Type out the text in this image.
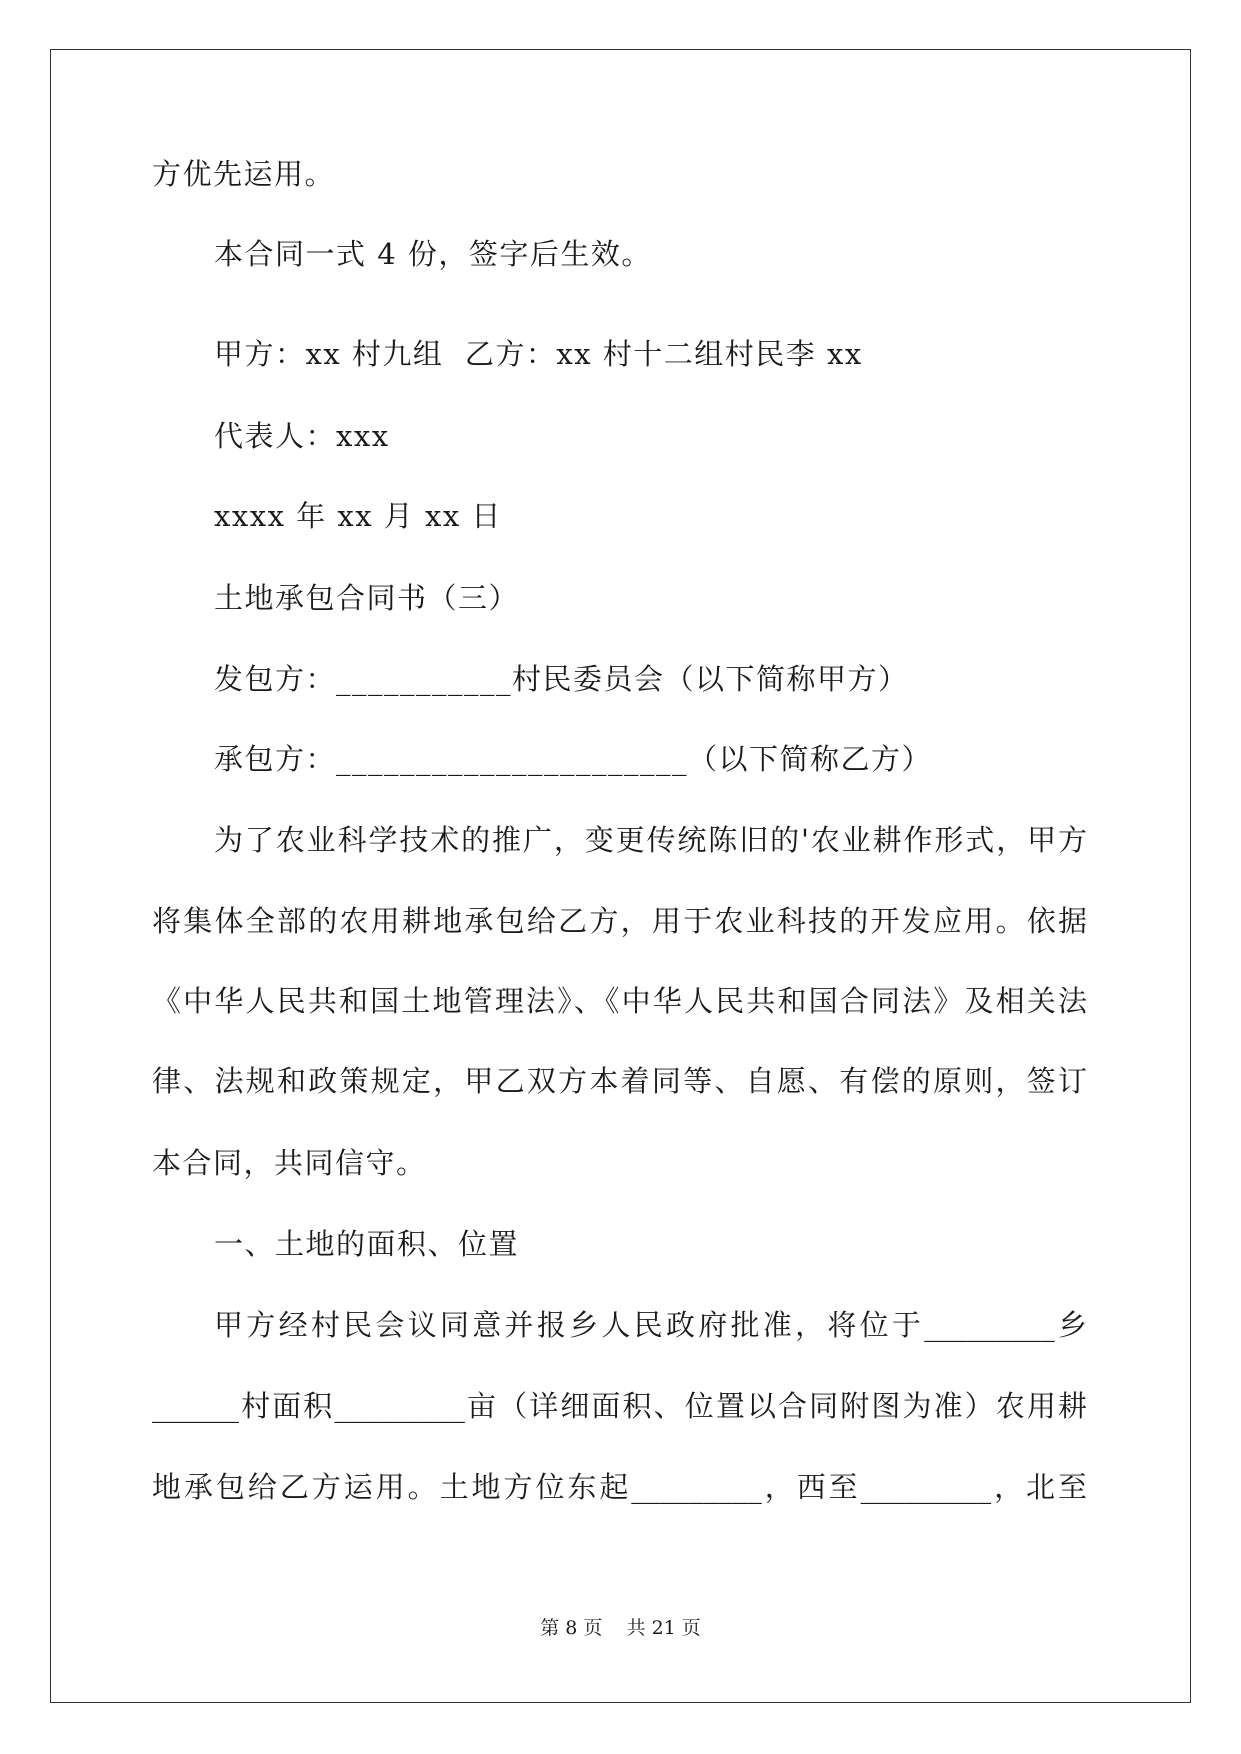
方优先运用。
本合同一式 4 份，签字后生效。
甲方：xx 村九组  乙方：xx 村十二组村民李 xx
代表人：xxx
xxxx 年 xx 月 xx 日
土地承包合同书（三）
发包方：___________村民委员会（以下简称甲方）
承包方：______________________（以下简称乙方）
为了农业科学技术的推广，变更传统陈旧的'农业耕作形式，甲方
将集体全部的农用耕地承包给乙方，用于农业科技的开发应用。依据
《中华人民共和国土地管理法》、《中华人民共和国合同法》及相关法
律、法规和政策规定，甲乙双方本着同等、自愿、有偿的原则，签订
本合同，共同信守。
一、土地的面积、位置
甲方经村民会议同意并报乡人民政府批准，将位于_________乡
______村面积_________亩（详细面积、位置以合同附图为准）农用耕
地承包给乙方运用。土地方位东起_________，西至_________，北至
第 8 页    共 21 页
